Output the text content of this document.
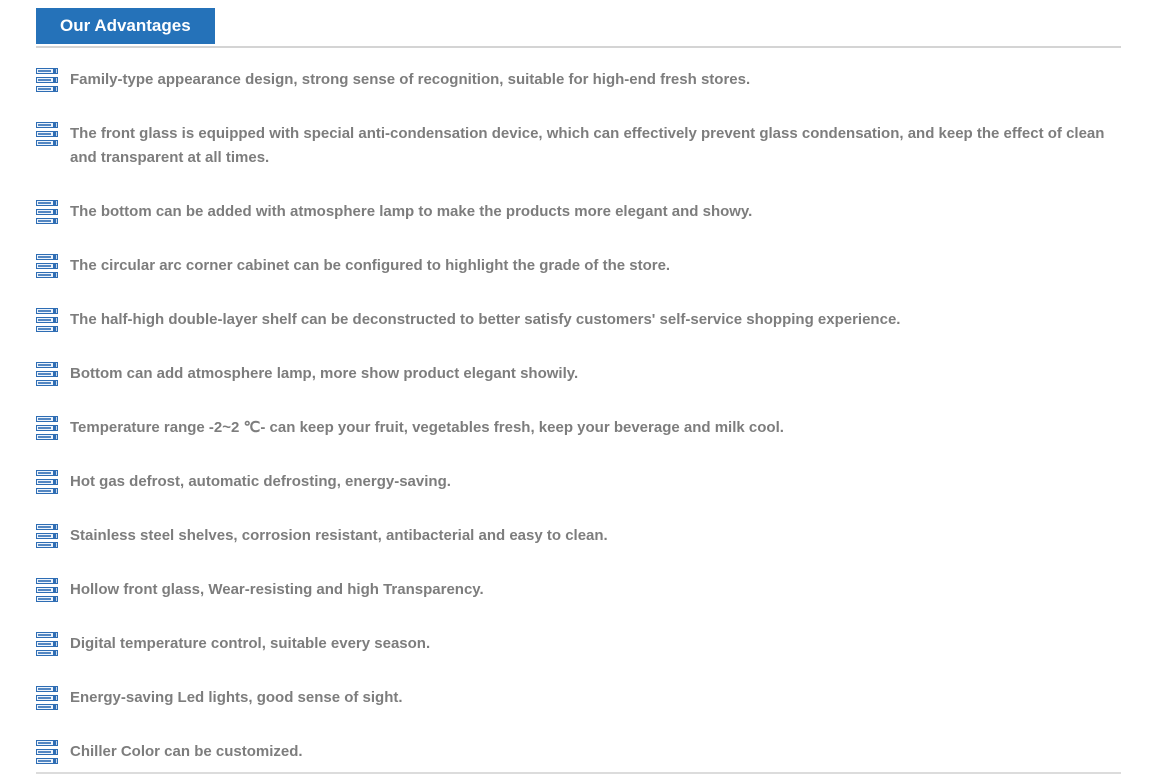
Our Advantages
Family-type appearance design, strong sense of recognition, suitable for high-end fresh stores.
The front glass is equipped with special anti-condensation device, which can effectively prevent glass condensation, and keep the effect of clean and transparent at all times.
The bottom can be added with atmosphere lamp to make the products more elegant and showy.
The circular arc corner cabinet can be configured to highlight the grade of the store.
The half-high double-layer shelf can be deconstructed to better satisfy customers' self-service shopping experience.
Bottom can add atmosphere lamp, more show product elegant showily.
Temperature range -2~2 ℃- can keep your fruit, vegetables fresh, keep your beverage and milk cool.
Hot gas defrost, automatic defrosting, energy-saving.
Stainless steel shelves, corrosion resistant, antibacterial and easy to clean.
Hollow front glass, Wear-resisting and high Transparency.
Digital temperature control, suitable every season.
Energy-saving Led lights, good sense of sight.
Chiller Color can be customized.
